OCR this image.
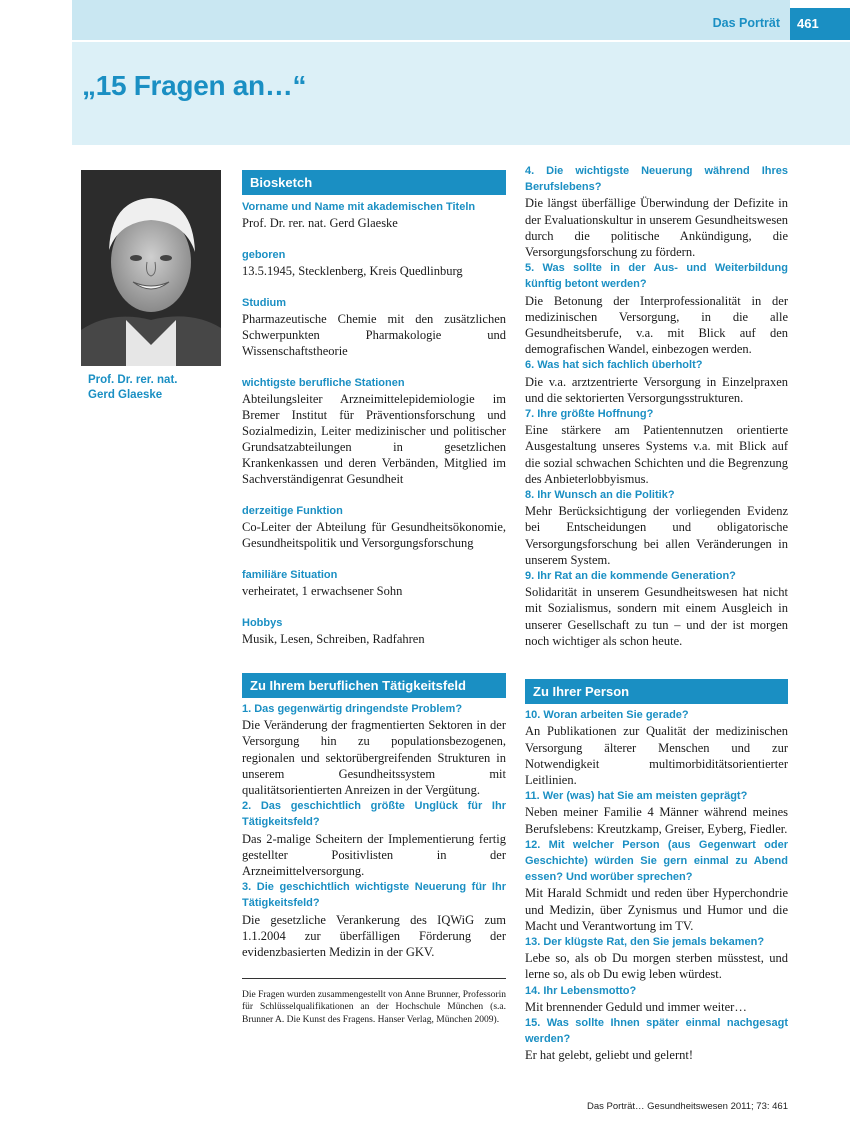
Das Porträt 461
„15 Fragen an…“
Prof. Dr. rer. nat.
Gerd Glaeske
Biosketch
Vorname und Name mit akademischen Titeln
Prof. Dr. rer. nat. Gerd Glaeske
geboren
13.5.1945, Stecklenberg, Kreis Quedlinburg
Studium
Pharmazeutische Chemie mit den zusätzlichen Schwerpunkten Pharmakologie und Wissenschaftstheorie
wichtigste berufliche Stationen
Abteilungsleiter Arzneimittelepidemiologie im Bremer Institut für Präventionsforschung und Sozialmedizin, Leiter medizinischer und politischer Grundsatzabteilungen in gesetzlichen Krankenkassen und deren Verbänden, Mitglied im Sachverständigenrat Gesundheit
derzeitige Funktion
Co-Leiter der Abteilung für Gesundheitsökonomie, Gesundheitspolitik und Versorgungsforschung
familiäre Situation
verheiratet, 1 erwachsener Sohn
Hobbys
Musik, Lesen, Schreiben, Radfahren
Zu Ihrem beruflichen Tätigkeitsfeld
1. Das gegenwärtig dringendste Problem?
Die Veränderung der fragmentierten Sektoren in der Versorgung hin zu populationsbezogenen, regionalen und sektorübergreifenden Strukturen in unserem Gesundheitssystem mit qualitätsorientierten Anreizen in der Vergütung.
2. Das geschichtlich größte Unglück für Ihr Tätigkeitsfeld?
Das 2-malige Scheitern der Implementierung fertig gestellter Positivlisten in der Arzneimittelversorgung.
3. Die geschichtlich wichtigste Neuerung für Ihr Tätigkeitsfeld?
Die gesetzliche Verankerung des IQWiG zum 1.1.2004 zur überfälligen Förderung der evidenzbasierten Medizin in der GKV.
Die Fragen wurden zusammengestellt von Anne Brunner, Professorin für Schlüsselqualifikationen an der Hochschule München (s.a. Brunner A. Die Kunst des Fragens. Hanser Verlag, München 2009).
4. Die wichtigste Neuerung während Ihres Berufslebens?
Die längst überfällige Überwindung der Defizite in der Evaluationskultur in unserem Gesundheitswesen durch die politische Ankündigung, die Versorgungsforschung zu fördern.
5. Was sollte in der Aus- und Weiterbildung künftig betont werden?
Die Betonung der Interprofessionalität in der medizinischen Versorgung, in die alle Gesundheitsberufe, v.a. mit Blick auf den demografischen Wandel, einbezogen werden.
6. Was hat sich fachlich überholt?
Die v.a. arztzentrierte Versorgung in Einzelpraxen und die sektorierten Versorgungsstrukturen.
7. Ihre größte Hoffnung?
Eine stärkere am Patientennutzen orientierte Ausgestaltung unseres Systems v.a. mit Blick auf die sozial schwachen Schichten und die Begrenzung des Anbieterlobbyismus.
8. Ihr Wunsch an die Politik?
Mehr Berücksichtigung der vorliegenden Evidenz bei Entscheidungen und obligatorische Versorgungsforschung bei allen Veränderungen in unserem System.
9. Ihr Rat an die kommende Generation?
Solidarität in unserem Gesundheitswesen hat nicht mit Sozialismus, sondern mit einem Ausgleich in unserer Gesellschaft zu tun – und der ist morgen noch wichtiger als schon heute.
Zu Ihrer Person
10. Woran arbeiten Sie gerade?
An Publikationen zur Qualität der medizinischen Versorgung älterer Menschen und zur Notwendigkeit multimorbiditätsorientierter Leitlinien.
11. Wer (was) hat Sie am meisten geprägt?
Neben meiner Familie 4 Männer während meines Berufslebens: Kreutzkamp, Greiser, Eyberg, Fiedler.
12. Mit welcher Person (aus Gegenwart oder Geschichte) würden Sie gern einmal zu Abend essen? Und worüber sprechen?
Mit Harald Schmidt und reden über Hyperchondrie und Medizin, über Zynismus und Humor und die Macht und Verantwortung im TV.
13. Der klügste Rat, den Sie jemals bekamen?
Lebe so, als ob Du morgen sterben müsstest, und lerne so, als ob Du ewig leben würdest.
14. Ihr Lebensmotto?
Mit brennender Geduld und immer weiter…
15. Was sollte Ihnen später einmal nachgesagt werden?
Er hat gelebt, geliebt und gelernt!
Das Porträt… Gesundheitswesen 2011; 73: 461
